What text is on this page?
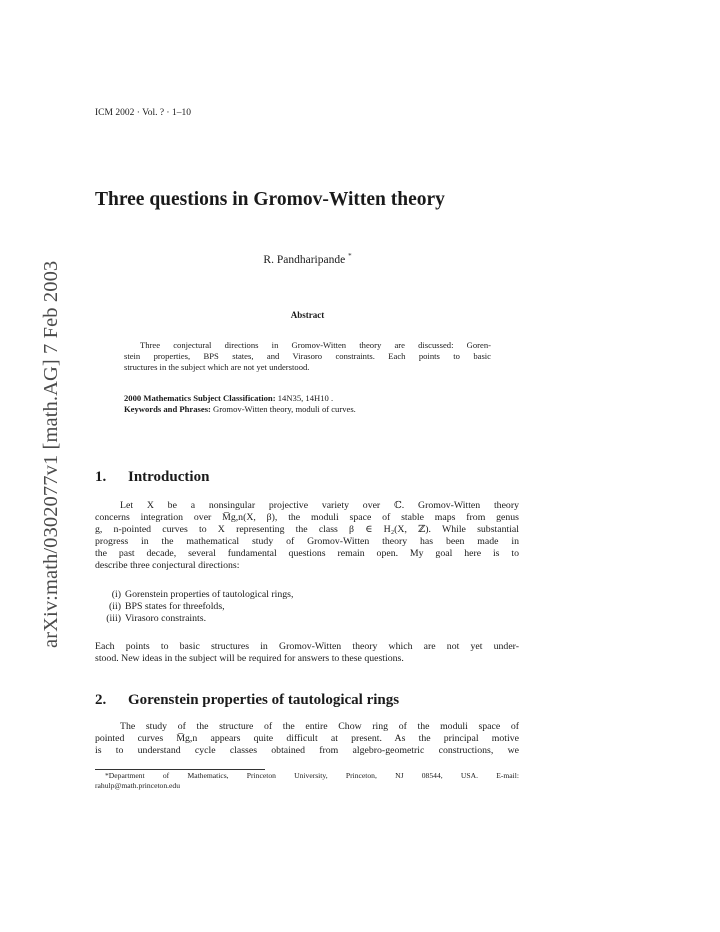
ICM 2002 · Vol. ? · 1–10
arXiv:math/0302077v1 [math.AG] 7 Feb 2003
Three questions in Gromov-Witten theory
R. Pandharipande *
Abstract
Three conjectural directions in Gromov-Witten theory are discussed: Goren-
stein properties, BPS states, and Virasoro constraints. Each points to basic
structures in the subject which are not yet understood.
2000 Mathematics Subject Classification: 14N35, 14H10 .
Keywords and Phrases: Gromov-Witten theory, moduli of curves.
1. Introduction
Let X be a nonsingular projective variety over ℂ. Gromov-Witten theory
concerns integration over M̅g,n(X, β), the moduli space of stable maps from genus
g, n-pointed curves to X representing the class β ∈ H₂(X, ℤ). While substantial
progress in the mathematical study of Gromov-Witten theory has been made in
the past decade, several fundamental questions remain open. My goal here is to
describe three conjectural directions:
(i) Gorenstein properties of tautological rings,
(ii) BPS states for threefolds,
(iii) Virasoro constraints.
Each points to basic structures in Gromov-Witten theory which are not yet under-
stood. New ideas in the subject will be required for answers to these questions.
2. Gorenstein properties of tautological rings
The study of the structure of the entire Chow ring of the moduli space of
pointed curves M̅g,n appears quite difficult at present. As the principal motive
is to understand cycle classes obtained from algebro-geometric constructions, we
*Department of Mathematics, Princeton University, Princeton, NJ 08544, USA. E-mail:
rahulp@math.princeton.edu
